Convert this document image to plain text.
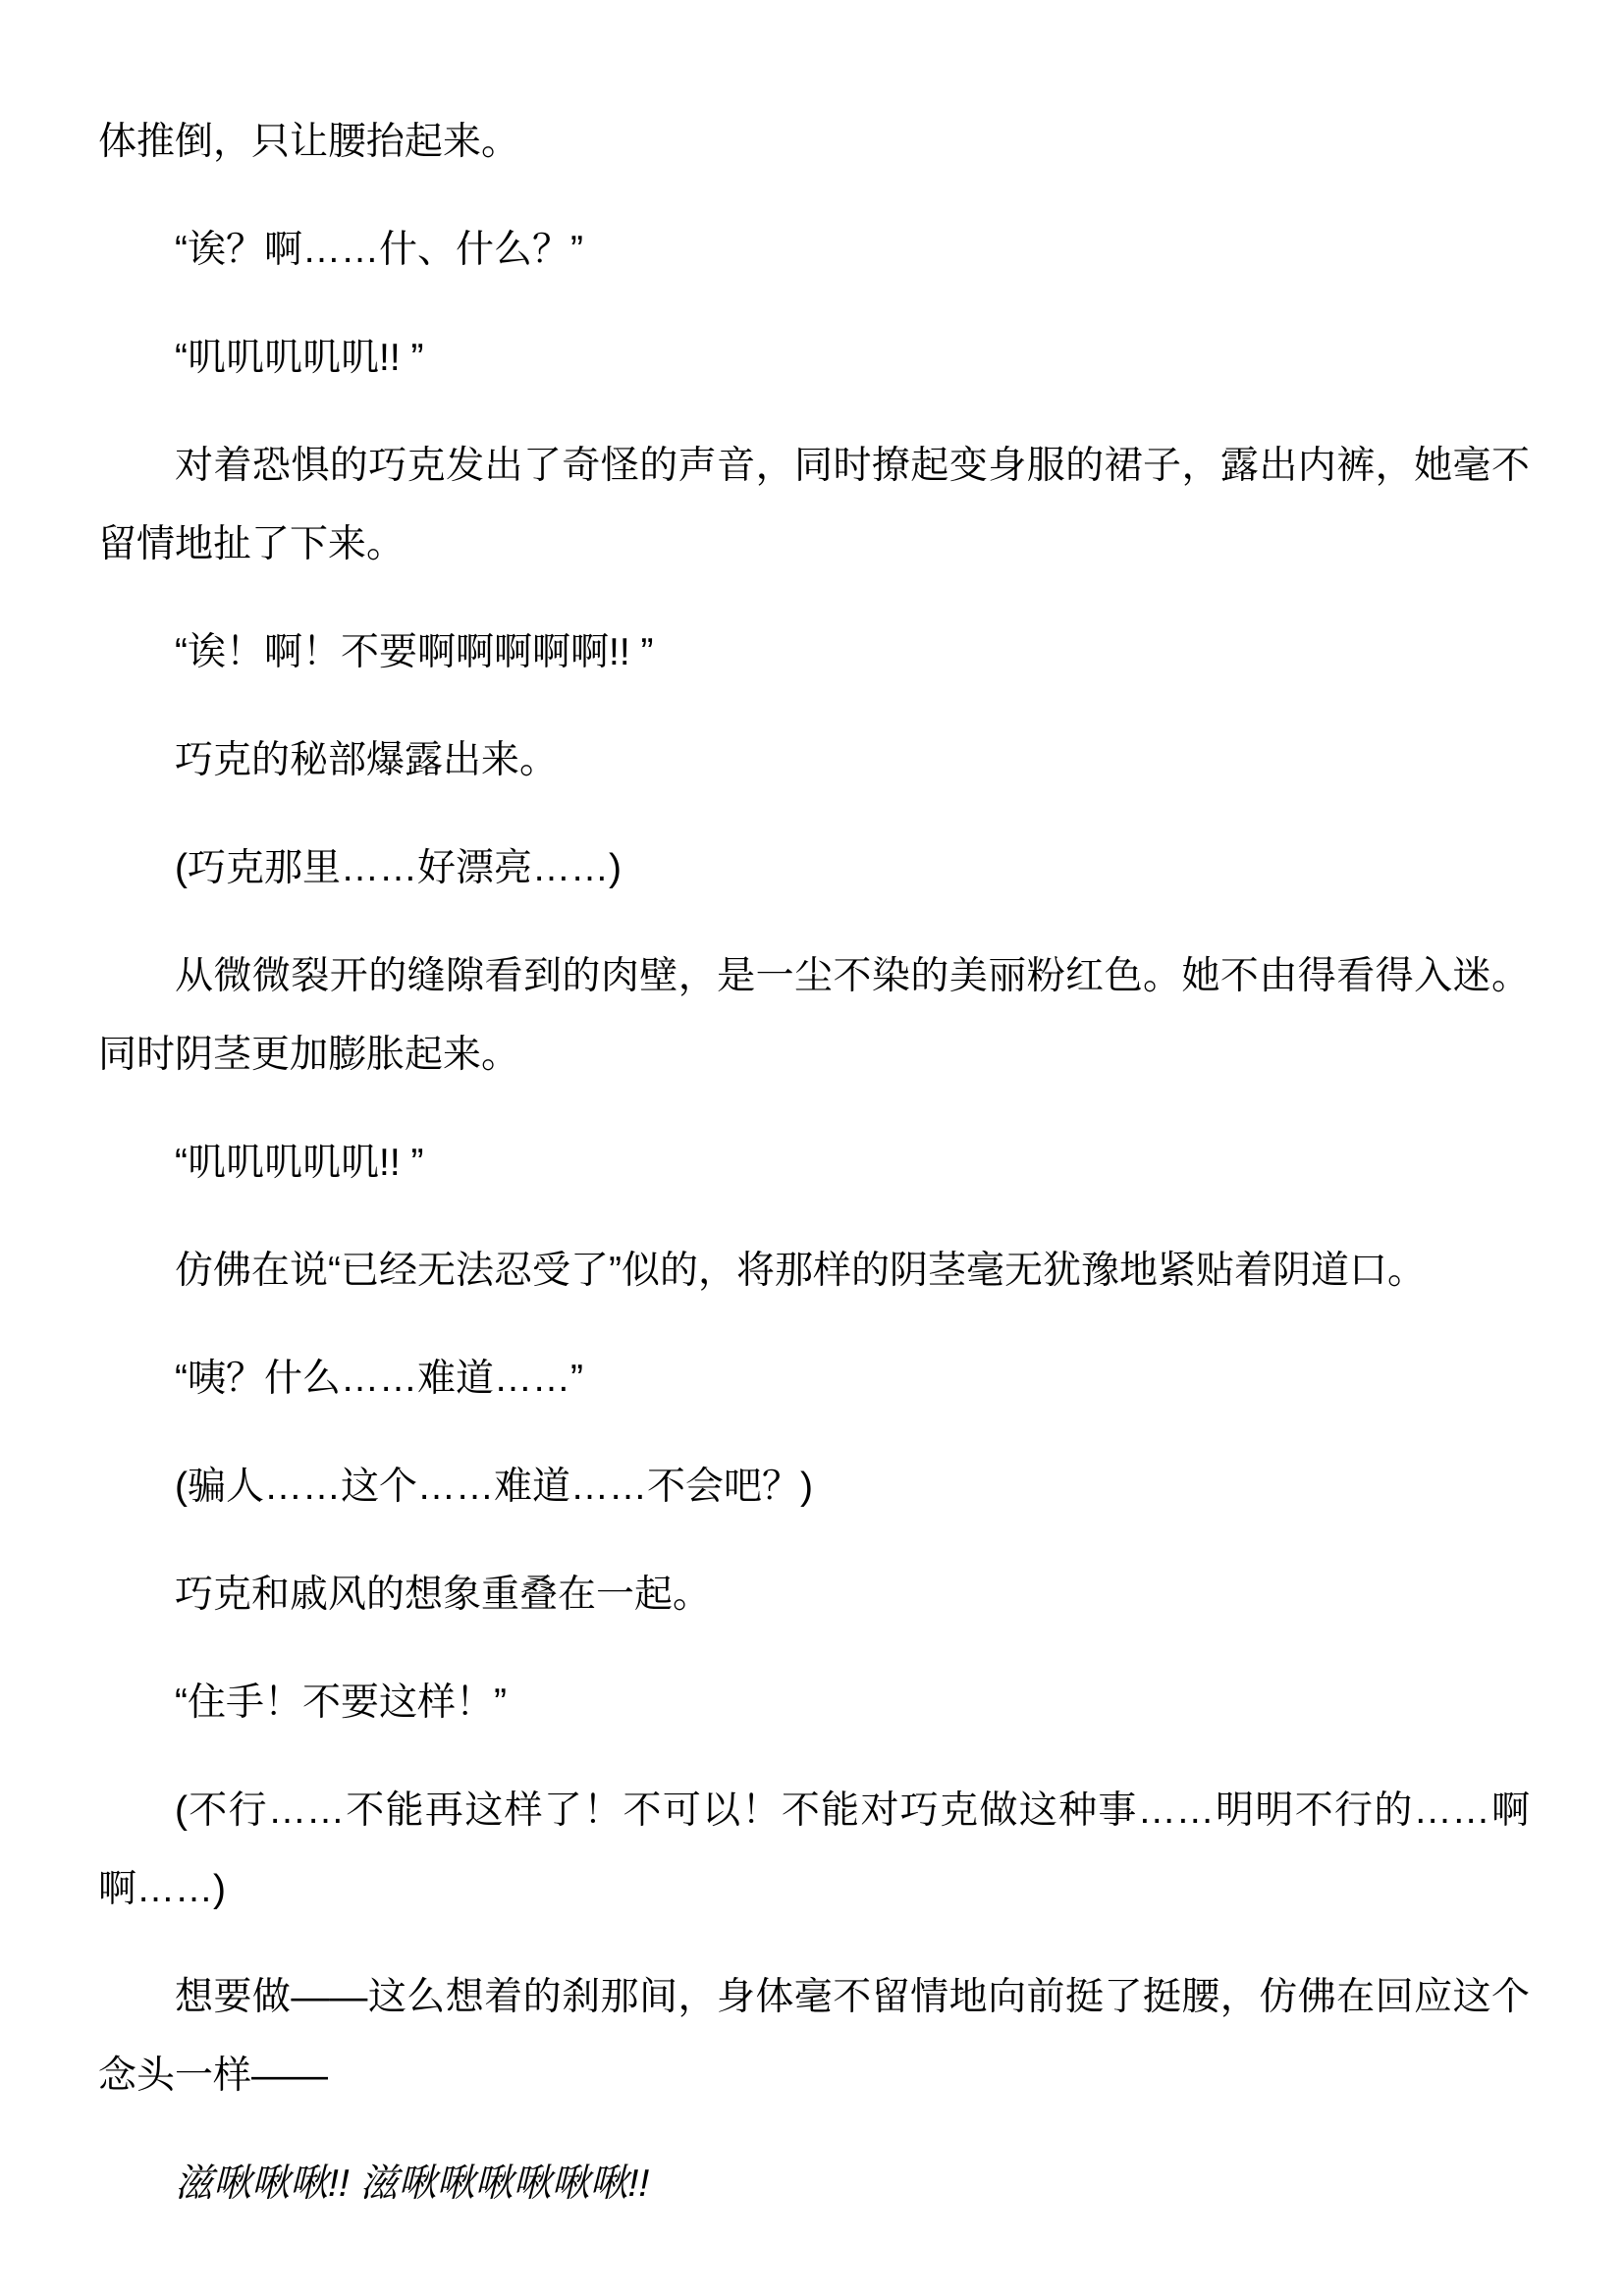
体推倒，只让腰抬起来。

“诶？啊……什、什么？”

“叽叽叽叽叽!! ”

对着恐惧的巧克发出了奇怪的声音，同时撩起变身服的裙子，露出内裤，她毫不留情地扯了下来。

“诶！啊！不要啊啊啊啊啊!! ”

巧克的秘部爆露出来。

(巧克那里……好漂亮……)

从微微裂开的缝隙看到的肉壁，是一尘不染的美丽粉红色。她不由得看得入迷。同时阴茎更加膨胀起来。

“叽叽叽叽叽!! ”

仿佛在说“已经无法忍受了”似的，将那样的阴茎毫无犹豫地紧贴着阴道口。

“咦？什么……难道……”

(骗人……这个……难道……不会吧？)

巧克和戚风的想象重叠在一起。

“住手！不要这样！”

(不行……不能再这样了！不可以！不能对巧克做这种事……明明不行的……啊啊……)

想要做——这么想着的刹那间，身体毫不留情地向前挺了挺腰，仿佛在回应这个念头一样——

滋啾啾啾!! 滋啾啾啾啾啾啾!!
